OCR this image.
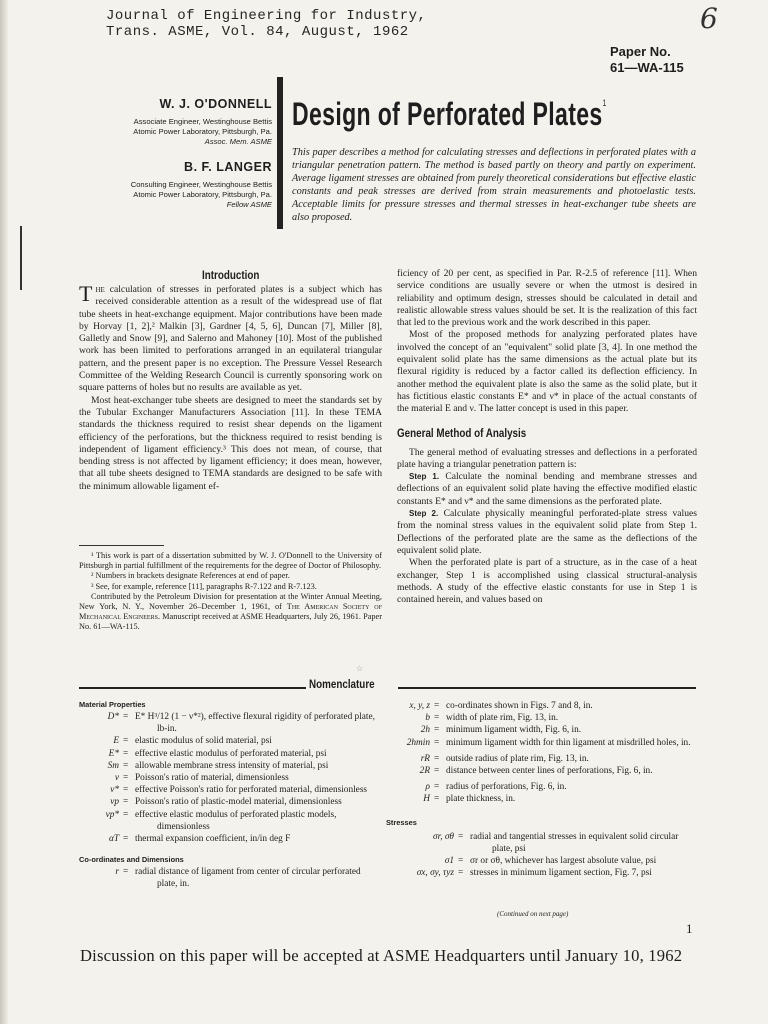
Journal of Engineering for Industry,
Trans. ASME, Vol. 84, August, 1962	6
Paper No.
61—WA-115
W. J. O'DONNELL
Associate Engineer, Westinghouse Bettis
Atomic Power Laboratory, Pittsburgh, Pa.
Assoc. Mem. ASME
B. F. LANGER
Consulting Engineer, Westinghouse Bettis
Atomic Power Laboratory, Pittsburgh, Pa.
Fellow ASME
Design of Perforated Plates$^1$
This paper describes a method for calculating stresses and deflections in perforated plates with a triangular penetration pattern. The method is based partly on theory and partly on experiment. Average ligament stresses are obtained from purely theoretical considerations but effective elastic constants and peak stresses are derived from strain measurements and photoelastic tests. Acceptable limits for pressure stresses and thermal stresses in heat-exchanger tube sheets are also proposed.
Introduction

The calculation of stresses in perforated plates is a subject which has received considerable attention as a result of the widespread use of flat tube sheets in heat-exchange equipment. Major contributions have been made by Horvay [1, 2],² Malkin [3], Gardner [4, 5, 6], Duncan [7], Miller [8], Galletly and Snow [9], and Salerno and Mahoney [10]. Most of the published work has been limited to perforations arranged in an equilateral triangular pattern, and the present paper is no exception. The Pressure Vessel Research Committee of the Welding Research Council is currently sponsoring work on square patterns of holes but no results are available as yet.

Most heat-exchanger tube sheets are designed to meet the standards set by the Tubular Exchanger Manufacturers Association [11]. In these TEMA standards the thickness required to resist shear depends on the ligament efficiency of the perforations, but the thickness required to resist bending is independent of ligament efficiency.³ This does not mean, of course, that bending stress is not affected by ligament efficiency; it does mean, however, that all tube sheets designed to TEMA standards are designed to be safe with the minimum allowable ligament ef-

¹ This work is part of a dissertation submitted by W. J. O'Donnell to the University of Pittsburgh in partial fulfillment of the requirements for the degree of Doctor of Philosophy.

² Numbers in brackets designate References at end of paper.

³ See, for example, reference [11], paragraphs R-7.122 and R-7.123.

Contributed by the Petroleum Division for presentation at the Winter Annual Meeting, New York, N. Y., November 26–December 1, 1961, of The American Society of Mechanical Engineers. Manuscript received at ASME Headquarters, July 26, 1961. Paper No. 61—WA-115.

☆

ficiency of 20 per cent, as specified in Par. R-2.5 of reference [11]. When service conditions are usually severe or when the utmost is desired in reliability and optimum design, stresses should be calculated in detail and realistic allowable stress values should be set. It is the realization of this fact that led to the previous work and the work described in this paper.

Most of the proposed methods for analyzing perforated plates have involved the concept of an "equivalent" solid plate [3, 4]. In one method the equivalent solid plate has the same dimensions as the actual plate but its flexural rigidity is reduced by a factor called its deflection efficiency. In another method the equivalent plate is also the same as the solid plate, but it has fictitious elastic constants E* and ν* in place of the actual constants of the material E and ν. The latter concept is used in this paper.

General Method of Analysis

The general method of evaluating stresses and deflections in a perforated plate having a triangular penetration pattern is:

Step 1. Calculate the nominal bending and membrane stresses and deflections of an equivalent solid plate having the effective modified elastic constants E* and ν* and the same dimensions as the perforated plate.

Step 2. Calculate physically meaningful perforated-plate stress values from the nominal stress values in the equivalent solid plate from Step 1. Deflections of the perforated plate are the same as the deflections of the equivalent solid plate.

When the perforated plate is part of a structure, as in the case of a heat exchanger, Step 1 is accomplished using classical structural-analysis methods. A study of the effective elastic constants for use in Step 1 is contained herein, and values based on

Nomenclature
Material Properties
D* = E* H³/12 (1 − ν*²), effective flexural rigidity of perforated plate, lb-in.
E = elastic modulus of solid material, psi
E* = effective elastic modulus of perforated material, psi
Sm = allowable membrane stress intensity of material, psi
ν = Poisson's ratio of material, dimensionless
ν* = effective Poisson's ratio for perforated material, dimensionless
νp = Poisson's ratio of plastic-model material, dimensionless
νp* = effective elastic modulus of perforated plastic models, dimensionless
αT = thermal expansion coefficient, in/in deg F
Co-ordinates and Dimensions
r = radial distance of ligament from center of circular perforated plate, in.
x, y, z = co-ordinates shown in Figs. 7 and 8, in.
b = width of plate rim, Fig. 13, in.
2h = minimum ligament width, Fig. 6, in.
2hmin = minimum ligament width for thin ligament at misdrilled holes, in.
rR = outside radius of plate rim, Fig. 13, in.
2R = distance between center lines of perforations, Fig. 6, in.
ρ = radius of perforations, Fig. 6, in.
H = plate thickness, in.
Stresses
σr, σθ = radial and tangential stresses in equivalent solid circular plate, psi
σ1 = σr or σθ, whichever has largest absolute value, psi
σx, σy, τyz = stresses in minimum ligament section, Fig. 7, psi
(Continued on next page)
1
Discussion on this paper will be accepted at ASME Headquarters until January 10, 1962
